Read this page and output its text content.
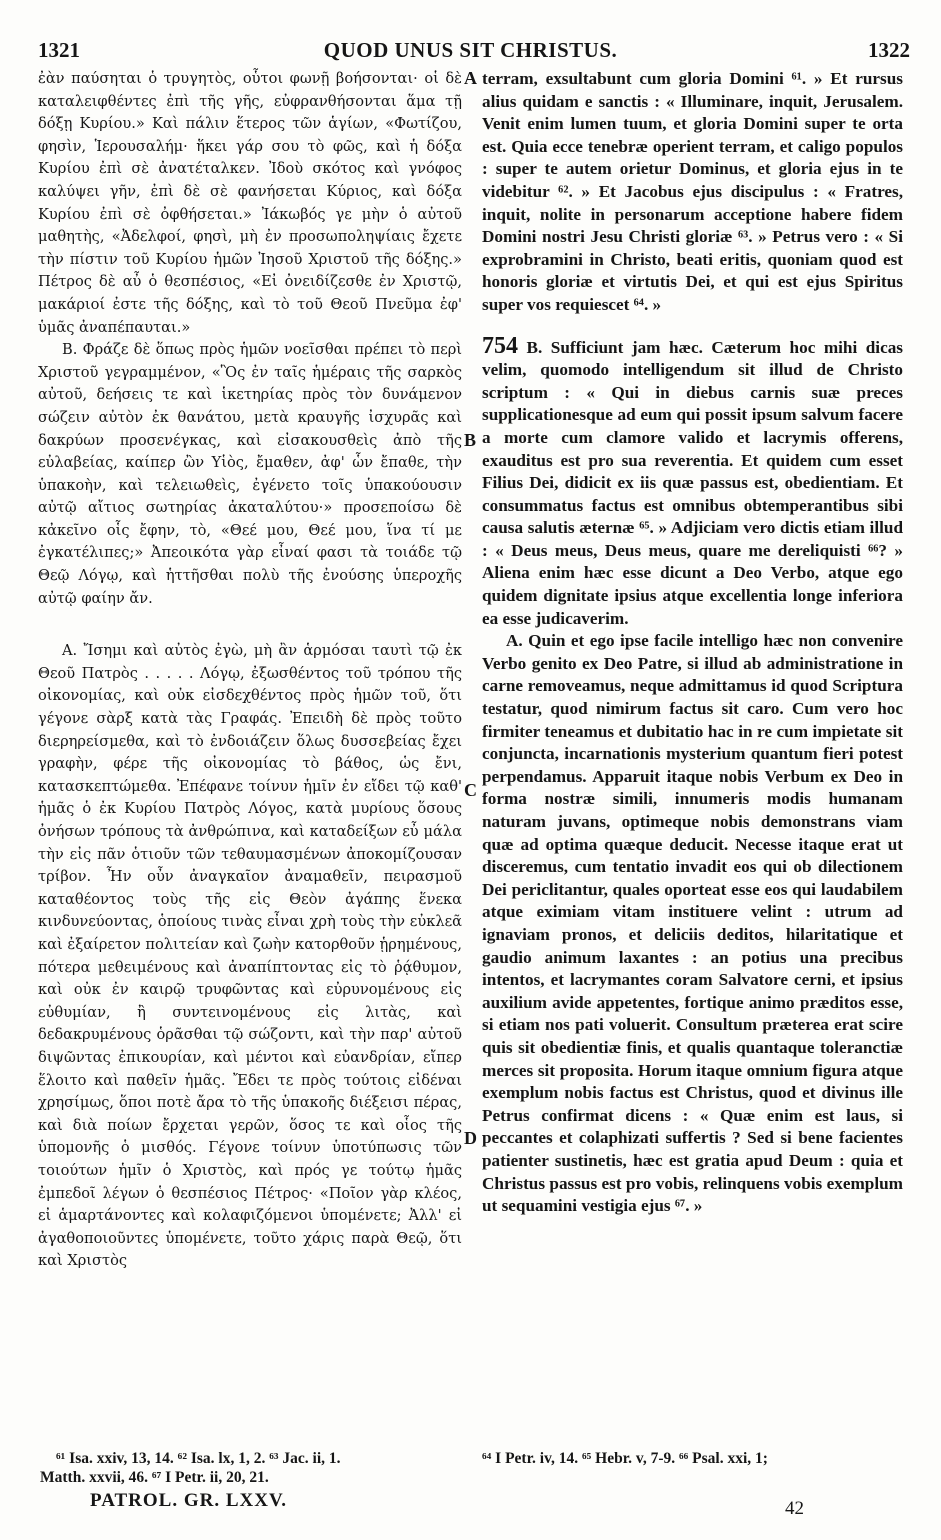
1321	QUOD UNUS SIT CHRISTUS.	1322

ἐὰν παύσηται ὁ τρυγητὸς, οὗτοι φωνῇ βοήσονται· οἱ δὲ καταλειφθέντες ἐπὶ τῆς γῆς, εὐφρανθήσονται ἅμα τῇ δόξῃ Κυρίου.» Καὶ πάλιν ἕτερος τῶν ἁγίων, «Φωτίζου, φησὶν, Ἱερουσαλήμ· ἥκει γάρ σου τὸ φῶς, καὶ ἡ δόξα Κυρίου ἐπὶ σὲ ἀνατέταλκεν. Ἰδοὺ σκότος καὶ γνόφος καλύψει γῆν, ἐπὶ δὲ σὲ φανήσεται Κύριος, καὶ δόξα Κυρίου ἐπὶ σὲ ὀφθήσεται.» Ἰάκωβός γε μὴν ὁ αὐτοῦ μαθητὴς, «Ἀδελφοί, φησὶ, μὴ ἐν προσωποληψίαις ἔχετε τὴν πίστιν τοῦ Κυρίου ἡμῶν Ἰησοῦ Χριστοῦ τῆς δόξης.» Πέτρος δὲ αὖ ὁ θεσπέσιος, «Εἰ ὀνειδίζεσθε ἐν Χριστῷ, μακάριοί ἐστε τῆς δόξης, καὶ τὸ τοῦ Θεοῦ Πνεῦμα ἐφ' ὑμᾶς ἀναπέπαυται.»

B. Φράζε δὲ ὅπως πρὸς ἡμῶν νοεῖσθαι πρέπει τὸ περὶ Χριστοῦ γεγραμμένον, «Ὃς ἐν ταῖς ἡμέραις τῆς σαρκὸς αὐτοῦ, δεήσεις τε καὶ ἱκετηρίας πρὸς τὸν δυνάμενον σώζειν αὐτὸν ἐκ θανάτου, μετὰ κραυγῆς ἰσχυρᾶς καὶ δακρύων προσενέγκας, καὶ εἰσακουσθεὶς ἀπὸ τῆς εὐλαβείας, καίπερ ὢν Υἱὸς, ἔμαθεν, ἀφ' ὧν ἔπαθε, τὴν ὑπακοὴν, καὶ τελειωθεὶς, ἐγένετο τοῖς ὑπακούουσιν αὐτῷ αἴτιος σωτηρίας ἀκαταλύτου·» προσεποίσω δὲ κἀκεῖνο οἷς ἔφην, τὸ, «Θεέ μου, Θεέ μου, ἵνα τί με ἐγκατέλιπες;» Ἀπεοικότα γὰρ εἶναί φασι τὰ τοιάδε τῷ Θεῷ Λόγῳ, καὶ ἡττῆσθαι πολὺ τῆς ἐνούσης ὑπεροχῆς αὐτῷ φαίην ἄν.

A. Ἴσημι καὶ αὐτὸς ἐγὼ, μὴ ἂν ἁρμόσαι ταυτὶ τῷ ἐκ Θεοῦ Πατρὸς . . . . . Λόγῳ, ἐξωσθέντος τοῦ τρόπου τῆς οἰκονομίας, καὶ οὐκ εἰσδεχθέντος πρὸς ἡμῶν τοῦ, ὅτι γέγονε σὰρξ κατὰ τὰς Γραφάς. Ἐπειδὴ δὲ πρὸς τοῦτο διερηρείσμεθα, καὶ τὸ ἐνδοιάζειν ὅλως δυσσεβείας ἔχει γραφὴν, φέρε τῆς οἰκονομίας τὸ βάθος, ὡς ἔνι, κατασκεπτώμεθα. Ἐπέφανε τοίνυν ἡμῖν ἐν εἴδει τῷ καθ' ἡμᾶς ὁ ἐκ Κυρίου Πατρὸς Λόγος, κατὰ μυρίους ὅσους ὀνήσων τρόπους τὰ ἀνθρώπινα, καὶ καταδείξων εὖ μάλα τὴν εἰς πᾶν ὁτιοῦν τῶν τεθαυμασμένων ἀποκομίζουσαν τρίβον. Ἦν οὖν ἀναγκαῖον ἀναμαθεῖν, πειρασμοῦ καταθέοντος τοὺς τῆς εἰς Θεὸν ἀγάπης ἕνεκα κινδυνεύοντας, ὁποίους τινὰς εἶναι χρὴ τοὺς τὴν εὐκλεᾶ καὶ ἐξαίρετον πολιτείαν καὶ ζωὴν κατορθοῦν ᾑρημένους, πότερα μεθειμένους καὶ ἀναπίπτοντας εἰς τὸ ῥᾴθυμον, καὶ οὐκ ἐν καιρῷ τρυφῶντας καὶ εὐρυνομένους εἰς εὐθυμίαν, ἢ συντεινομένους εἰς λιτὰς, καὶ δεδακρυμένους ὁρᾶσθαι τῷ σώζοντι, καὶ τὴν παρ' αὐτοῦ διψῶντας ἐπικουρίαν, καὶ μέντοι καὶ εὐανδρίαν, εἴπερ ἕλοιτο καὶ παθεῖν ἡμᾶς. Ἔδει τε πρὸς τούτοις εἰδέναι χρησίμως, ὅποι ποτὲ ἄρα τὸ τῆς ὑπακοῆς διέξεισι πέρας, καὶ διὰ ποίων ἔρχεται γερῶν, ὅσος τε καὶ οἷος τῆς ὑπομονῆς ὁ μισθός. Γέγονε τοίνυν ὑποτύπωσις τῶν τοιούτων ἡμῖν ὁ Χριστὸς, καὶ πρός γε τούτῳ ἡμᾶς ἐμπεδοῖ λέγων ὁ θεσπέσιος Πέτρος· «Ποῖον γὰρ κλέος, εἰ ἁμαρτάνοντες καὶ κολαφιζόμενοι ὑπομένετε; Ἀλλ' εἰ ἀγαθοποιοῦντες ὑπομένετε, τοῦτο χάρις παρὰ Θεῷ, ὅτι καὶ Χριστὸς

A
B
C
D

terram, exsultabunt cum gloria Domini ⁶¹. » Et rursus alius quidam e sanctis : « Illuminare, inquit, Jerusalem. Venit enim lumen tuum, et gloria Domini super te orta est. Quia ecce tenebræ operient terram, et caligo populos : super te autem orietur Dominus, et gloria ejus in te videbitur ⁶². » Et Jacobus ejus discipulus : « Fratres, inquit, nolite in personarum acceptione habere fidem Domini nostri Jesu Christi gloriæ ⁶³. » Petrus vero : « Si exprobramini in Christo, beati eritis, quoniam quod est honoris gloriæ et virtutis Dei, et qui est ejus Spiritus super vos requiescet ⁶⁴. »

754 B. Sufficiunt jam hæc. Cæterum hoc mihi dicas velim, quomodo intelligendum sit illud de Christo scriptum : « Qui in diebus carnis suæ preces supplicationesque ad eum qui possit ipsum salvum facere a morte cum clamore valido et lacrymis offerens, exauditus est pro sua reverentia. Et quidem cum esset Filius Dei, didicit ex iis quæ passus est, obedientiam. Et consummatus factus est omnibus obtemperantibus sibi causa salutis æternæ ⁶⁵. » Adjiciam vero dictis etiam illud : « Deus meus, Deus meus, quare me dereliquisti ⁶⁶? » Aliena enim hæc esse dicunt a Deo Verbo, atque ego quidem dignitate ipsius atque excellentia longe inferiora ea esse judicaverim.

A. Quin et ego ipse facile intelligo hæc non convenire Verbo genito ex Deo Patre, si illud ab administratione in carne removeamus, neque admittamus id quod Scriptura testatur, quod nimirum factus sit caro. Cum vero hoc firmiter teneamus et dubitatio hac in re cum impietate sit conjuncta, incarnationis mysterium quantum fieri potest perpendamus. Apparuit itaque nobis Verbum ex Deo in forma nostræ simili, innumeris modis humanam naturam juvans, optimeque nobis demonstrans viam quæ ad optima quæque deducit. Necesse itaque erat ut disceremus, cum tentatio invadit eos qui ob dilectionem Dei periclitantur, quales oporteat esse eos qui laudabilem atque eximiam vitam instituere velint : utrum ad ignaviam pronos, et deliciis deditos, hilaritatique et gaudio animum laxantes : an potius una precibus intentos, et lacrymantes coram Salvatore cerni, et ipsius auxilium avide appetentes, fortique animo præditos esse, si etiam nos pati voluerit. Consultum præterea erat scire quis sit obedientiæ finis, et qualis quantaque toleranctiæ merces sit proposita. Horum itaque omnium figura atque exemplum nobis factus est Christus, quod et divinus ille Petrus confirmat dicens : « Quæ enim est laus, si peccantes et colaphizati suffertis ? Sed si bene facientes patienter sustinetis, hæc est gratia apud Deum : quia et Christus passus est pro vobis, relinquens vobis exemplum ut sequamini vestigia ejus ⁶⁷. »

⁶¹ Isa. xxiv, 13, 14. ⁶² Isa. lx, 1, 2. ⁶³ Jac. ii, 1.
Matth. xxvii, 46. ⁶⁷ I Petr. ii, 20, 21.
⁶⁴ I Petr. iv, 14. ⁶⁵ Hebr. v, 7-9. ⁶⁶ Psal. xxi, 1;
PATROL. GR. LXXV.	42
